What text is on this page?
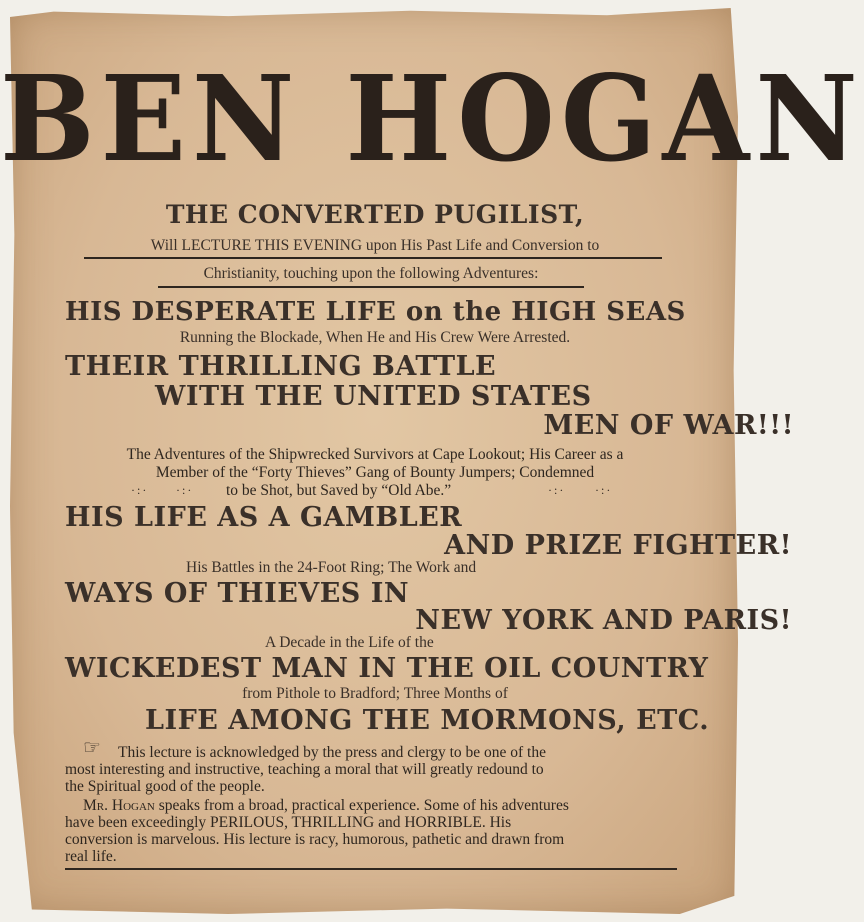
BEN HOGAN
THE CONVERTED PUGILIST,
Will LECTURE THIS EVENING upon His Past Life and Conversion to
Christianity, touching upon the following Adventures:
HIS DESPERATE LIFE on the HIGH SEAS
Running the Blockade, When He and His Crew Were Arrested.
THEIR THRILLING BATTLE
WITH THE UNITED STATES
MEN OF WAR!!!
The Adventures of the Shipwrecked Survivors at Cape Lookout; His Career as a
Member of the “Forty Thieves” Gang of Bounty Jumpers; Condemned
·:· ·:· to be Shot, but Saved by “Old Abe.”	·:· ·:·
HIS LIFE AS A GAMBLER
AND PRIZE FIGHTER!
His Battles in the 24-Foot Ring; The Work and
WAYS OF THIEVES IN
NEW YORK AND PARIS!
A Decade in the Life of the
WICKEDEST MAN IN THE OIL COUNTRY
from Pithole to Bradford; Three Months of
LIFE AMONG THE MORMONS, ETC.
☞ This lecture is acknowledged by the press and clergy to be one of the
most interesting and instructive, teaching a moral that will greatly redound to
the Spiritual good of the people.
Mr. Hogan speaks from a broad, practical experience. Some of his adventures
have been exceedingly PERILOUS, THRILLING and HORRIBLE. His
conversion is marvelous. His lecture is racy, humorous, pathetic and drawn from
real life.
